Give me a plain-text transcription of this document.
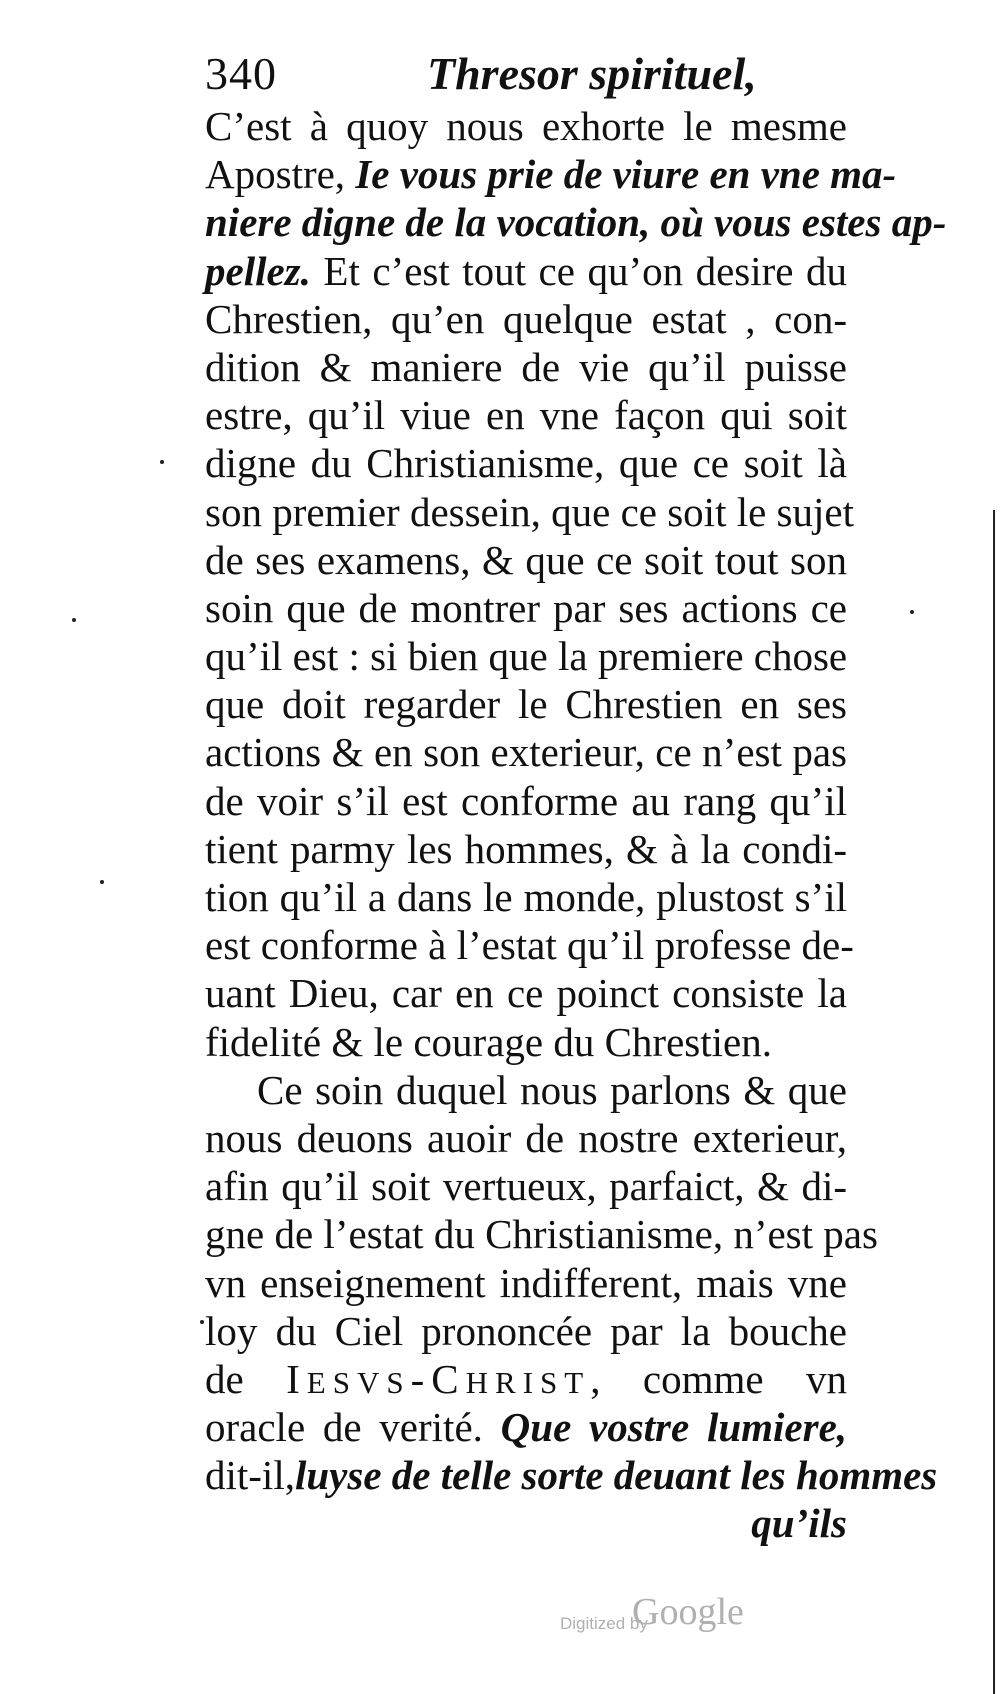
340	Thresor spirituel,
C’est à quoy nous exhorte le mesme
Apostre, Ie vous prie de viure en vne ma-
niere digne de la vocation, où vous estes ap-
pellez. Et c’est tout ce qu’on desire du
Chrestien, qu’en quelque estat , con-
dition & maniere de vie qu’il puisse
estre, qu’il viue en vne façon qui soit
digne du Christianisme, que ce soit là
son premier dessein, que ce soit le sujet
de ses examens, & que ce soit tout son
soin que de montrer par ses actions ce
qu’il est : si bien que la premiere chose
que doit regarder le Chrestien en ses
actions & en son exterieur, ce n’est pas
de voir s’il est conforme au rang qu’il
tient parmy les hommes, & à la condi-
tion qu’il a dans le monde, plustost s’il
est conforme à l’estat qu’il professe de-
uant Dieu, car en ce poinct consiste la
fidelité & le courage du Chrestien.
Ce soin duquel nous parlons & que
nous deuons auoir de nostre exterieur,
afin qu’il soit vertueux, parfaict, & di-
gne de l’estat du Christianisme, n’est pas
vn enseignement indifferent, mais vne
loy du Ciel prononcée par la bouche
de IESVS-CHRIST, comme vn
oracle de verité. Que vostre lumiere,
dit-il,luyse de telle sorte deuant les hommes
qu’ils
Digitized by
Google
